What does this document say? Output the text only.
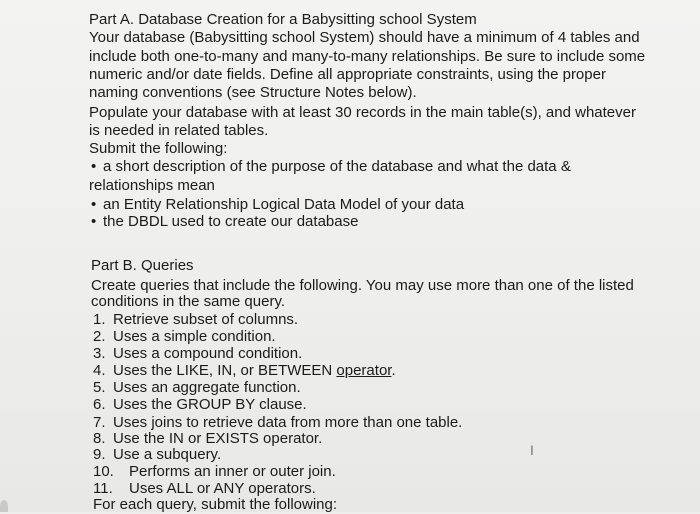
Part A. Database Creation for a Babysitting school System
Your database (Babysitting school System) should have a minimum of 4 tables and
include both one-to-many and many-to-many relationships. Be sure to include some
numeric and/or date fields. Define all appropriate constraints, using the proper
naming conventions (see Structure Notes below).
Populate your database with at least 30 records in the main table(s), and whatever
is needed in related tables.
Submit the following:
• a short description of the purpose of the database and what the data &
relationships mean
• an Entity Relationship Logical Data Model of your data
• the DBDL used to create our database
Part B. Queries
Create queries that include the following. You may use more than one of the listed
conditions in the same query.
1. Retrieve subset of columns.
2. Uses a simple condition.
3. Uses a compound condition.
4. Uses the LIKE, IN, or BETWEEN operator.
5. Uses an aggregate function.
6. Uses the GROUP BY clause.
7. Uses joins to retrieve data from more than one table.
8. Use the IN or EXISTS operator.
9. Use a subquery.
10. Performs an inner or outer join.
11. Uses ALL or ANY operators.
For each query, submit the following:
I
